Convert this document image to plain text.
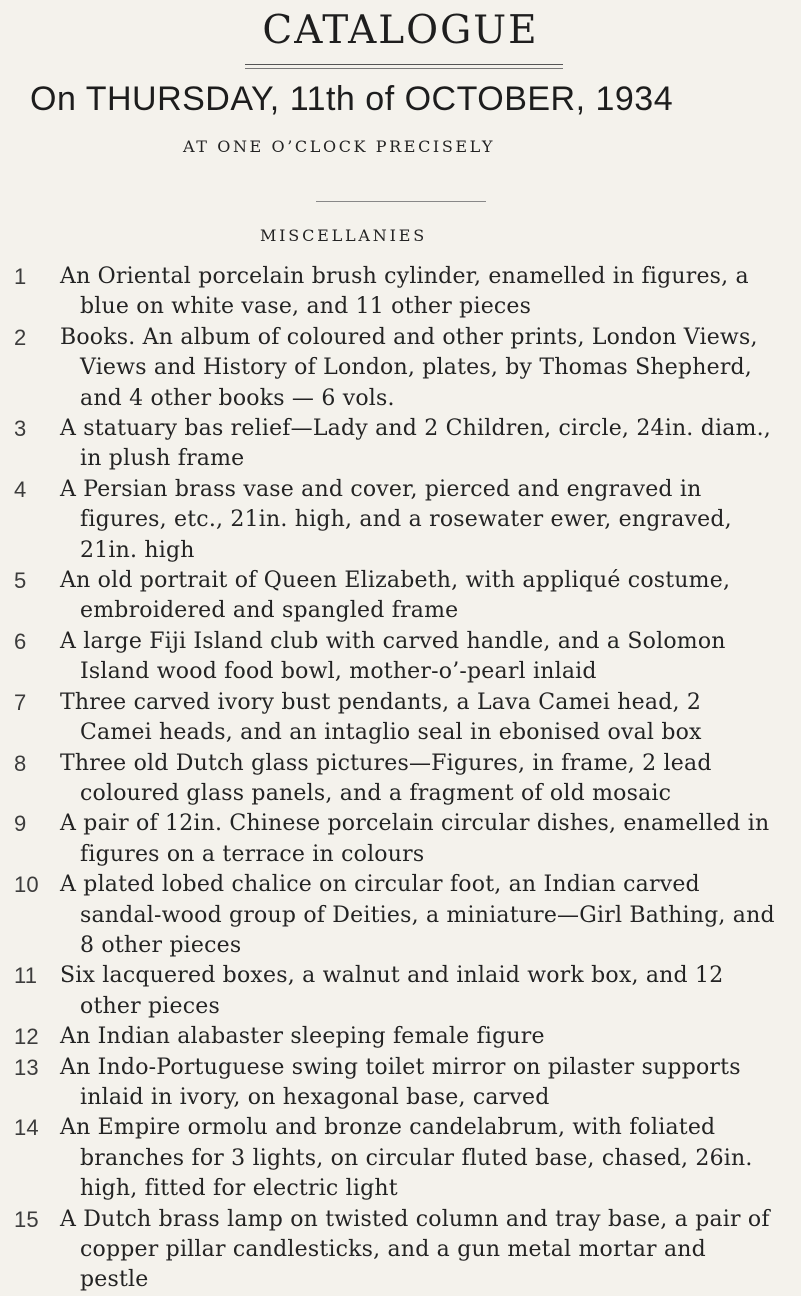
CATALOGUE
On THURSDAY, 11th of OCTOBER, 1934
AT ONE O’CLOCK PRECISELY
MISCELLANIES
1	An Oriental porcelain brush cylinder, enamelled in figures, a blue on white vase, and 11 other pieces
2	Books. An album of coloured and other prints, London Views, Views and History of London, plates, by Thomas Shepherd, and 4 other books — 6 vols.
3	A statuary bas relief—Lady and 2 Children, circle, 24in. diam., in plush frame
4	A Persian brass vase and cover, pierced and engraved in figures, etc., 21in. high, and a rosewater ewer, engraved, 21in. high
5	An old portrait of Queen Elizabeth, with appliqué costume, embroidered and spangled frame
6	A large Fiji Island club with carved handle, and a Solomon Island wood food bowl, mother-o’-pearl inlaid
7	Three carved ivory bust pendants, a Lava Camei head, 2 Camei heads, and an intaglio seal in ebonised oval box
8	Three old Dutch glass pictures—Figures, in frame, 2 lead coloured glass panels, and a fragment of old mosaic
9	A pair of 12in. Chinese porcelain circular dishes, enamelled in figures on a terrace in colours
10 A plated lobed chalice on circular foot, an Indian carved sandal-wood group of Deities, a miniature—Girl Bathing, and 8 other pieces
11	Six lacquered boxes, a walnut and inlaid work box, and 12 other pieces
12 An Indian alabaster sleeping female figure
13 An Indo-Portuguese swing toilet mirror on pilaster supports inlaid in ivory, on hexagonal base, carved
14 An Empire ormolu and bronze candelabrum, with foliated branches for 3 lights, on circular fluted base, chased, 26in. high, fitted for electric light
15 A Dutch brass lamp on twisted column and tray base, a pair of copper pillar candlesticks, and a gun metal mortar and pestle
